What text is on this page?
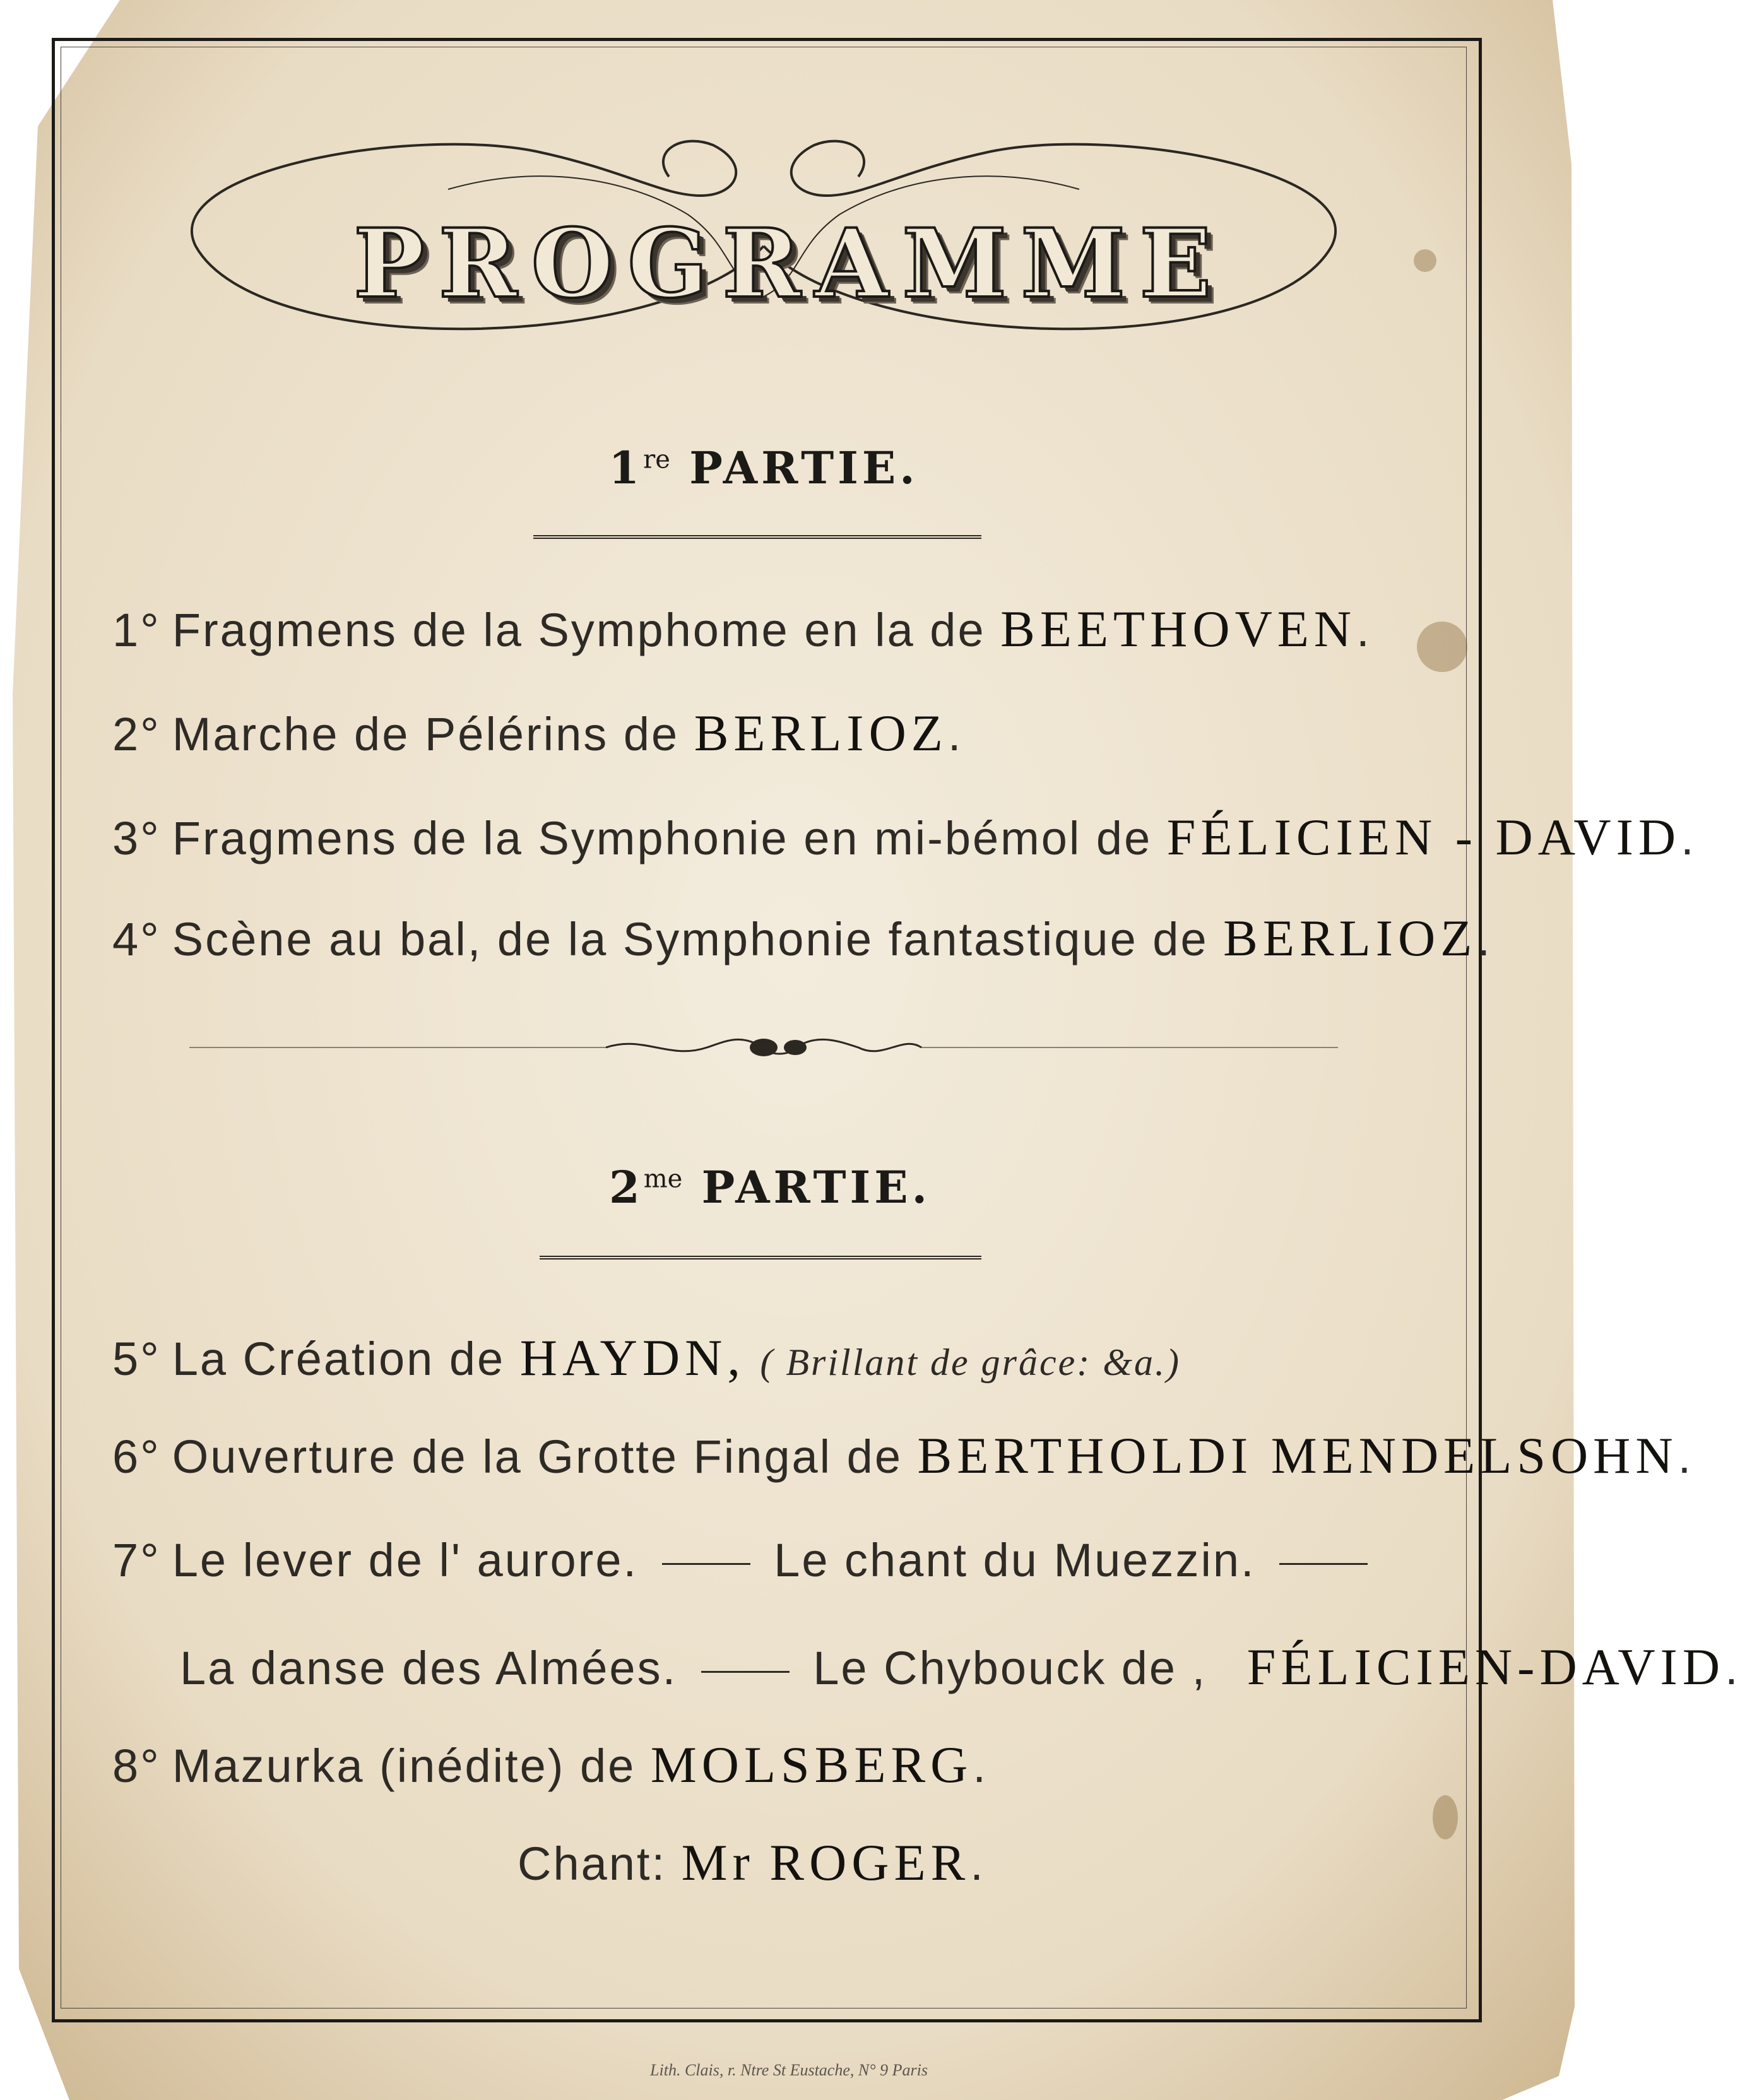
PROGRAMME
1re PARTIE.
1° Fragmens de la Symphome en la de BEETHOVEN.
2° Marche de Pélérins de BERLIOZ.
3° Fragmens de la Symphonie en mi-bémol de FÉLICIEN - DAVID.
4° Scène au bal, de la Symphonie fantastique de BERLIOZ.
$2^{me}$ PARTIE.
5° La Création de HAYDN, ( Brillant de grâce: &a.)
6° Ouverture de la Grotte Fingal de BERTHOLDI MENDELSOHN.
7° Le lever de l' aurore.	Le chant du Muezzin.
La danse des Almées.	Le Chybouck de , FÉLICIEN-DAVID.
8° Mazurka (inédite) de MOLSBERG.
Chant: Mr ROGER.
Lith. Clais, r. Ntre St Eustache, N° 9 Paris
